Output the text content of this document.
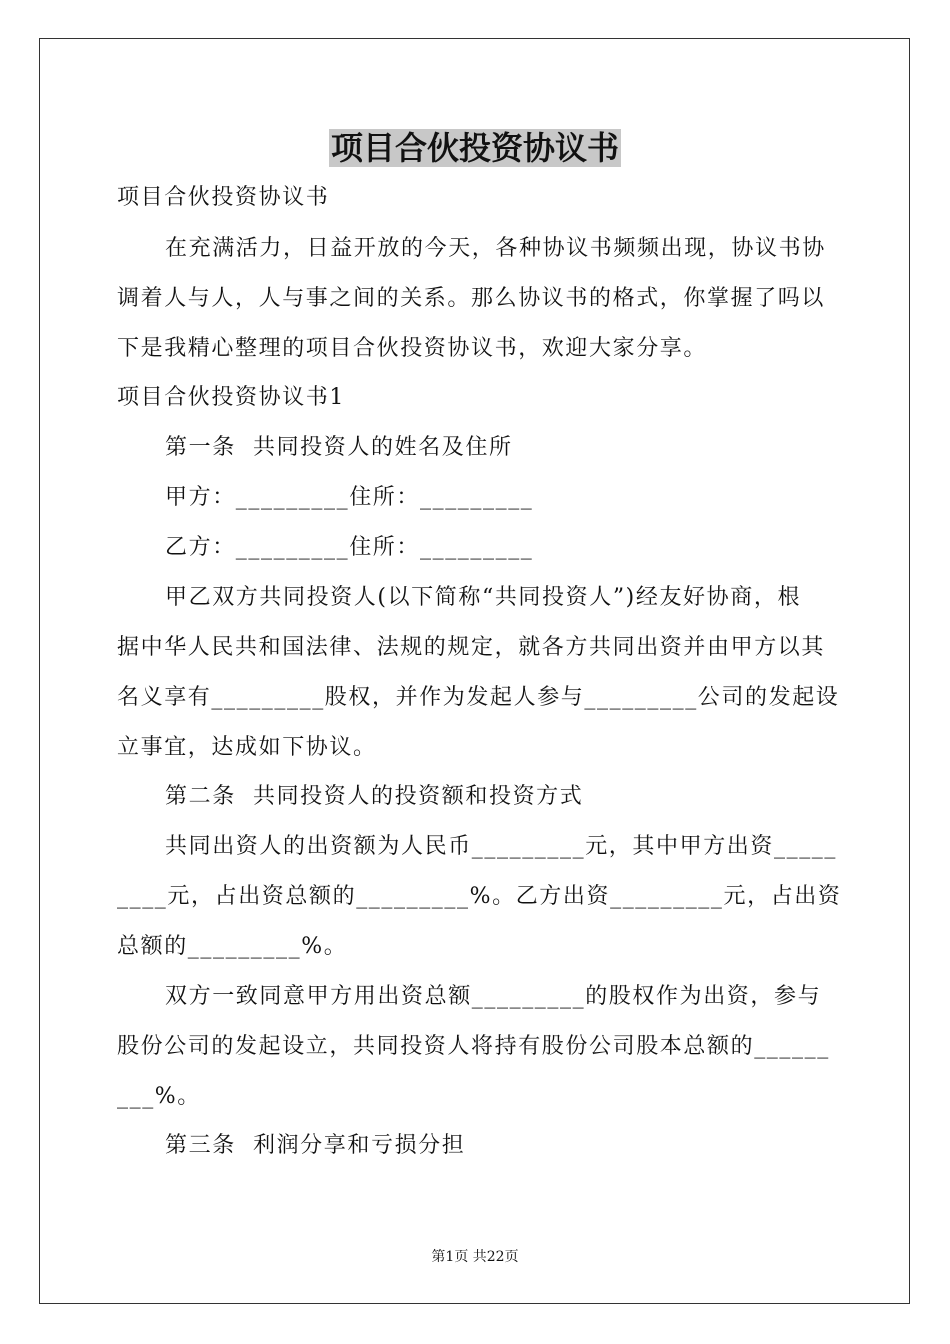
项目合伙投资协议书
项目合伙投资协议书
在充满活力，日益开放的今天，各种协议书频频出现，协议书协
调着人与人，人与事之间的关系。那么协议书的格式，你掌握了吗以
下是我精心整理的项目合伙投资协议书，欢迎大家分享。
项目合伙投资协议书1
第一条  共同投资人的姓名及住所
甲方：_________住所：_________
乙方：_________住所：_________
甲乙双方共同投资人(以下简称“共同投资人”)经友好协商，根
据中华人民共和国法律、法规的规定，就各方共同出资并由甲方以其
名义享有_________股权，并作为发起人参与_________公司的发起设
立事宜，达成如下协议。
第二条  共同投资人的投资额和投资方式
共同出资人的出资额为人民币_________元，其中甲方出资_____
____元，占出资总额的_________%。乙方出资_________元，占出资
总额的_________%。
双方一致同意甲方用出资总额_________的股权作为出资，参与
股份公司的发起设立，共同投资人将持有股份公司股本总额的______
___%。
第三条  利润分享和亏损分担
第1页 共22页
